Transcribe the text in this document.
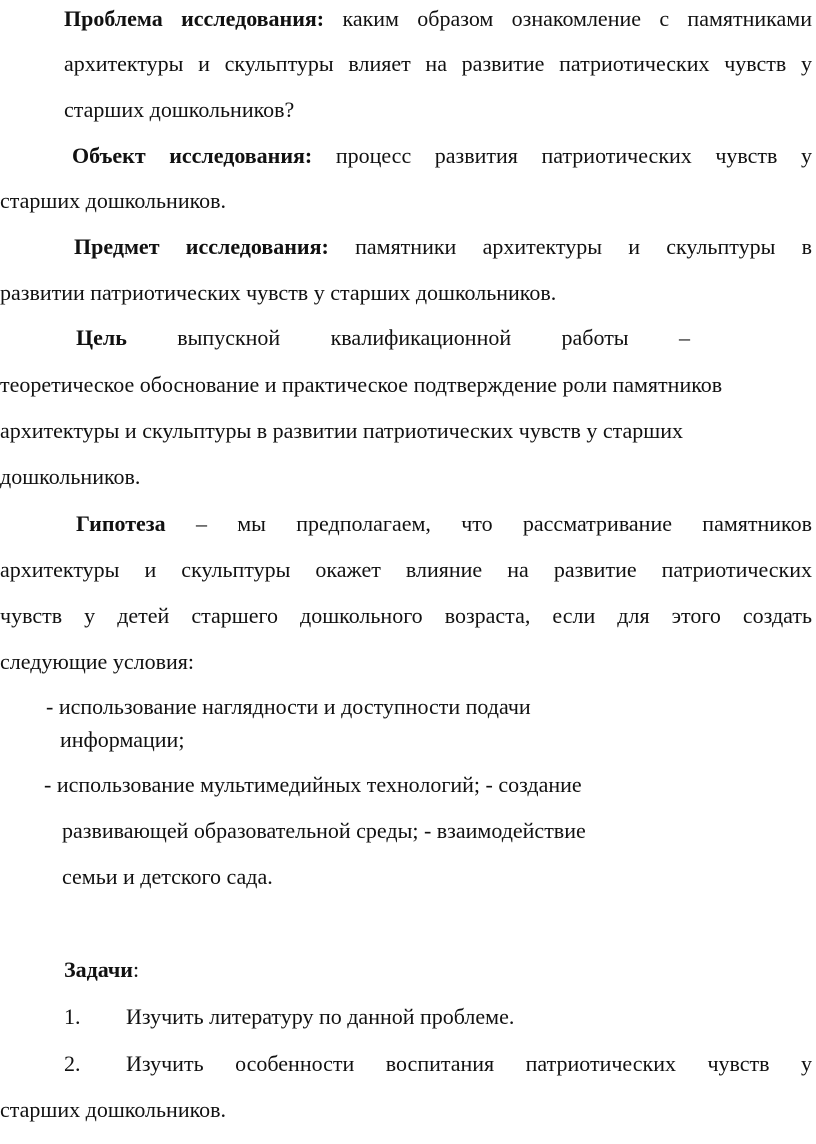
Проблема исследования: каким образом ознакомление с памятниками
архитектуры и скульптуры влияет на развитие патриотических чувств у
старших дошкольников?
Объект исследования: процесс развития патриотических чувств у
старших дошкольников.
Предмет исследования: памятники архитектуры и скульптуры в
развитии патриотических чувств у старших дошкольников.
Цель выпускной квалификационной работы –
теоретическое обоснование и практическое подтверждение роли памятников
архитектуры и скульптуры в развитии патриотических чувств у старших
дошкольников.
Гипотеза – мы предполагаем, что рассматривание памятников
архитектуры и скульптуры окажет влияние на развитие патриотических
чувств у детей старшего дошкольного возраста, если для этого создать
следующие условия:
- использование наглядности и доступности подачи
информации;
- использование мультимедийных технологий; - создание
развивающей образовательной среды; - взаимодействие
семьи и детского сада.
Задачи:
1.	Изучить литературу по данной проблеме.
2.	Изучить особенности воспитания патриотических чувств у
старших дошкольников.
